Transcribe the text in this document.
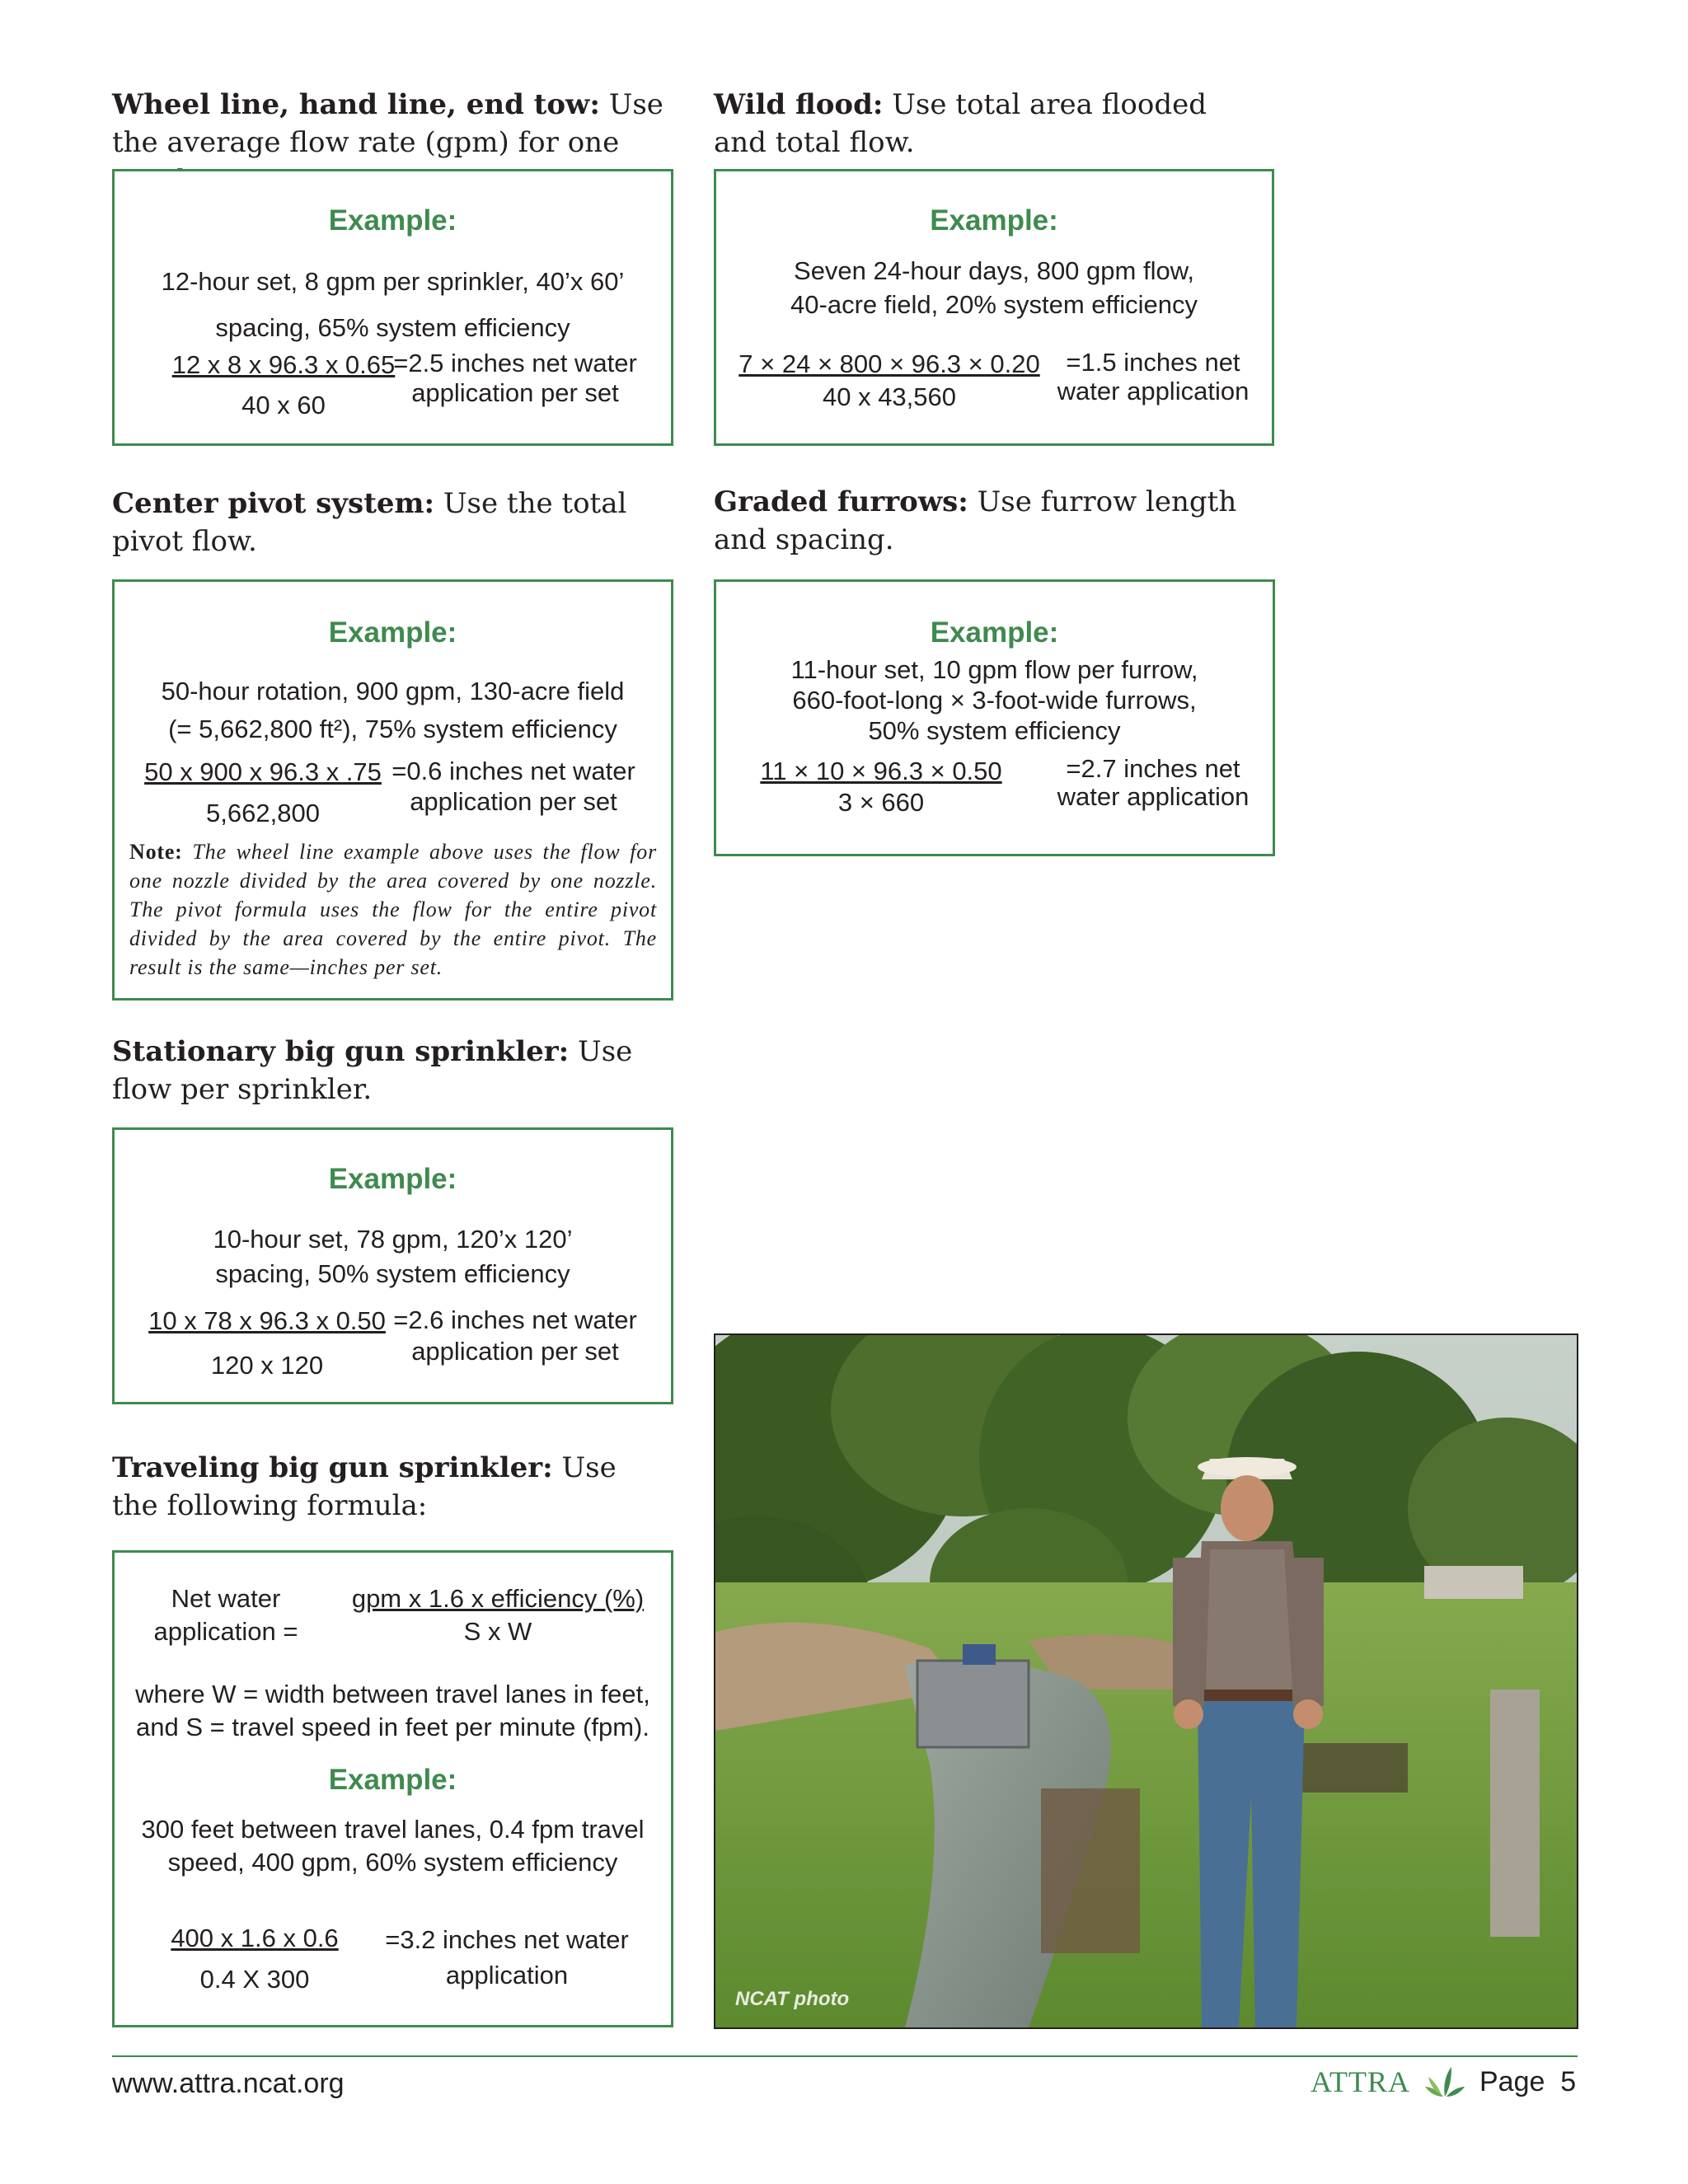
Wheel line, hand line, end tow: Use
the average flow rate (gpm) for one
Example:
12-hour set, 8 gpm per sprinkler, 40’x 60’
spacing, 65% system efficiency
12 x 8 x 96.3 x 0.65
40 x 60
=2.5 inches net water
application per set
Wild flood: Use total area flooded
and total flow.
Example:
Seven 24-hour days, 800 gpm flow,
40-acre field, 20% system efficiency
7 × 24 × 800 × 96.3 × 0.20
40 x 43,560
=1.5 inches net
water application
Center pivot system: Use the total
pivot flow.
Example:
50-hour rotation, 900 gpm, 130-acre field
(= 5,662,800 ft²), 75% system efficiency
50 x 900 x 96.3 x .75
5,662,800
=0.6 inches net water
application per set
Note: The wheel line example above uses the flow for one nozzle divided by the area covered by one nozzle. The pivot formula uses the flow for the entire pivot divided by the area covered by the entire pivot. The result is the same—inches per set.
Graded furrows: Use furrow length
and spacing.
Example:
11-hour set, 10 gpm flow per furrow,
660-foot-long × 3-foot-wide furrows,
50% system efficiency
11 × 10 × 96.3 × 0.50
3 × 660
=2.7 inches net
water application
Stationary big gun sprinkler: Use
flow per sprinkler.
Example:
10-hour set, 78 gpm, 120’x 120’
spacing, 50% system efficiency
10 x 78 x 96.3 x 0.50
120 x 120
=2.6 inches net water
application per set
Traveling big gun sprinkler: Use
the following formula:
Net water
application =
gpm x 1.6 x efficiency (%)
S x W
where W = width between travel lanes in feet,
and S = travel speed in feet per minute (fpm).
Example:
300 feet between travel lanes, 0.4 fpm travel
speed, 400 gpm, 60% system efficiency
400 x 1.6 x 0.6
0.4 X 300
=3.2 inches net water
application
NCAT photo
www.attra.ncat.org	ATTRA Page  5
